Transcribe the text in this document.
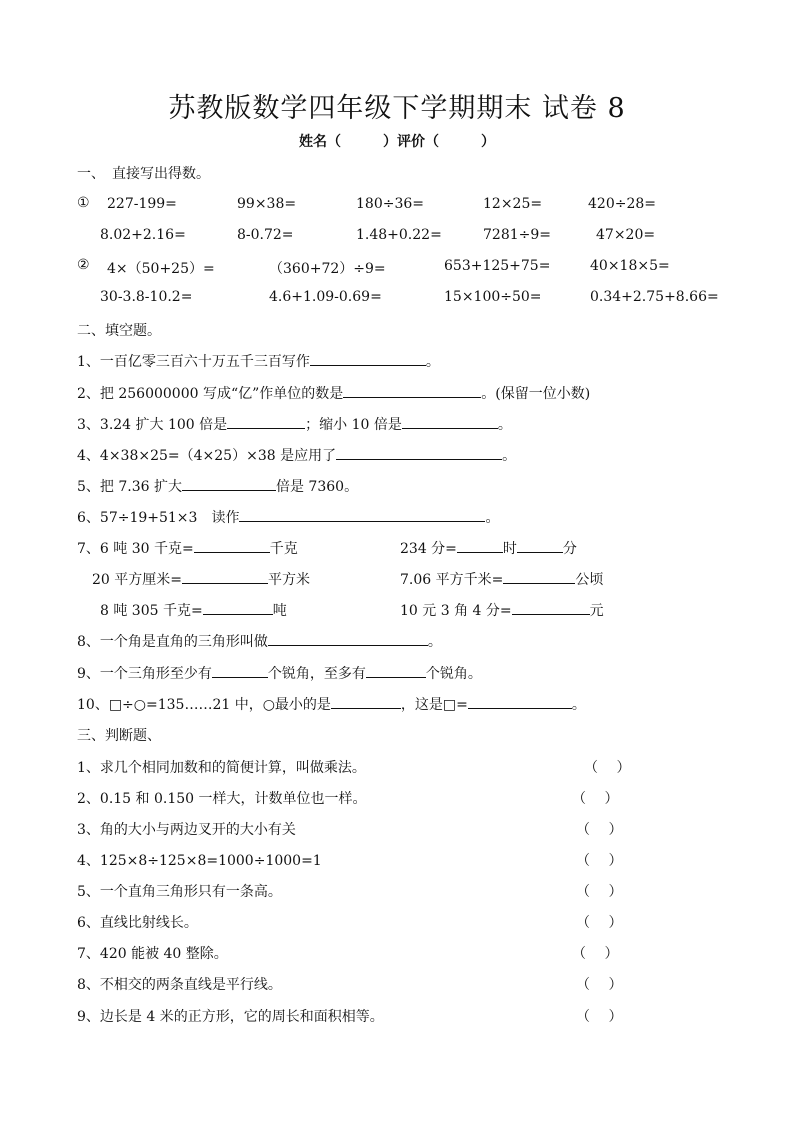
苏教版数学四年级下学期期末 试卷 8
姓名（　　　）评价（　　　）
一、　直接写出得数。
① 227-199=	99×38=	180÷36=	12×25=	420÷28=
8.02+2.16=	8-0.72=	1.48+0.22=	7281÷9=	47×20=
② 4×（50+25）=	（360+72）÷9=	653+125+75=	40×18×5=
30-3.8-10.2=	4.6+1.09-0.69=	15×100÷50=	0.34+2.75+8.66=
二、填空题。
1、一百亿零三百六十万五千三百写作	。
2、把 256000000 写成“亿”作单位的数是	。(保留一位小数)
3、3.24 扩大 100 倍是	；缩小 10 倍是	。
4、4×38×25=（4×25）×38 是应用了	。
5、把 7.36 扩大	倍是 7360。
6、57÷19+51×3　读作	。
7、6 吨 30 千克=	千克	234 分=	时	分
20 平方厘米=	平方米	7.06 平方千米=	公顷
8 吨 305 千克=	吨	10 元 3 角 4 分=	元
8、一个角是直角的三角形叫做	。
9、一个三角形至少有	个锐角，至多有	个锐角。
10、□÷○=135……21 中，○最小的是	，这是□=	。
三、判断题、
1、求几个相同加数和的简便计算，叫做乘法。	（　 ）
2、0.15 和 0.150 一样大，计数单位也一样。	（　 ）
3、角的大小与两边叉开的大小有关	（　 ）
4、125×8÷125×8=1000÷1000=1	（　 ）
5、一个直角三角形只有一条高。	（　 ）
6、直线比射线长。	（　 ）
7、420 能被 40 整除。	（　 ）
8、不相交的两条直线是平行线。	（　 ）
9、边长是 4 米的正方形，它的周长和面积相等。	（　 ）
